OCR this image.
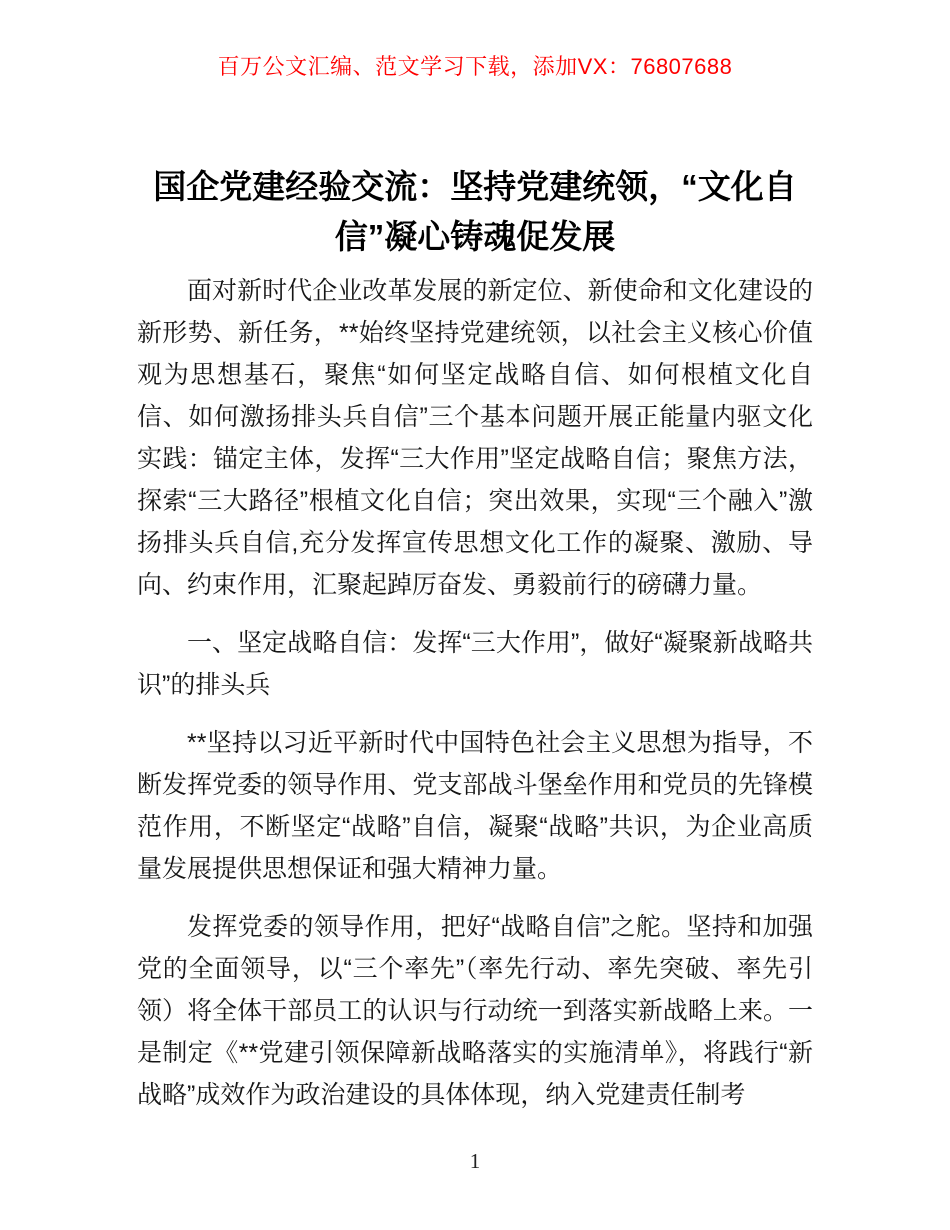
百万公文汇编、范文学习下载，添加VX：76807688
国企党建经验交流：坚持党建统领，“文化自信”凝心铸魂促发展

面对新时代企业改革发展的新定位、新使命和文化建设的新形势、新任务，**始终坚持党建统领，以社会主义核心价值观为思想基石，聚焦“如何坚定战略自信、如何根植文化自信、如何激扬排头兵自信”三个基本问题开展正能量内驱文化实践：锚定主体，发挥“三大作用”坚定战略自信；聚焦方法，探索“三大路径”根植文化自信；突出效果，实现“三个融入”激扬排头兵自信,充分发挥宣传思想文化工作的凝聚、激励、导向、约束作用，汇聚起踔厉奋发、勇毅前行的磅礴力量。

一、坚定战略自信：发挥“三大作用”，做好“凝聚新战略共识”的排头兵

**坚持以习近平新时代中国特色社会主义思想为指导，不断发挥党委的领导作用、党支部战斗堡垒作用和党员的先锋模范作用，不断坚定“战略”自信，凝聚“战略”共识，为企业高质量发展提供思想保证和强大精神力量。

发挥党委的领导作用，把好“战略自信”之舵。坚持和加强党的全面领导，以“三个率先”（率先行动、率先突破、率先引领）将全体干部员工的认识与行动统一到落实新战略上来。一是制定《**党建引领保障新战略落实的实施清单》，将践行“新战略”成效作为政治建设的具体体现，纳入党建责任制考

1
